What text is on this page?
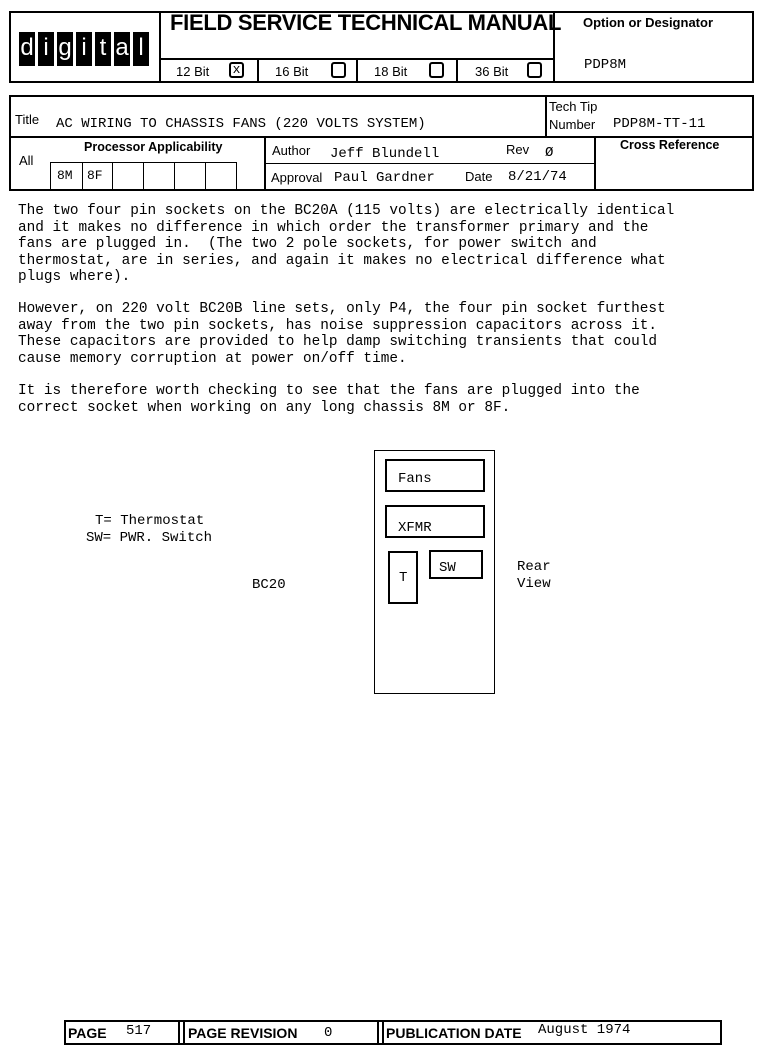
d i g i t a l
FIELD SERVICE TECHNICAL MANUAL
12 Bit x	16 Bit	18 Bit	36 Bit
Option or Designator
PDP8M
Title AC WIRING TO CHASSIS FANS (220 VOLTS SYSTEM)
Tech Tip
Number PDP8M-TT-11
All
Processor Applicability
8M 8F
Author Jeff Blundell	Rev Ø	Cross Reference
Approval Paul Gardner Date 8/21/74
The two four pin sockets on the BC20A (115 volts) are electrically identical
and it makes no difference in which order the transformer primary and the
fans are plugged in.  (The two 2 pole sockets, for power switch and
thermostat, are in series, and again it makes no electrical difference what
plugs where).
However, on 220 volt BC20B line sets, only P4, the four pin socket furthest
away from the two pin sockets, has noise suppression capacitors across it.
These capacitors are provided to help damp switching transients that could
cause memory corruption at power on/off time.
It is therefore worth checking to see that the fans are plugged into the
correct socket when working on any long chassis 8M or 8F.
T= Thermostat
SW= PWR. Switch
BC20
Fans
XFMR
T
SW	Rear
View
PAGE 517	PAGE REVISION 0	PUBLICATION DATE August 1974
